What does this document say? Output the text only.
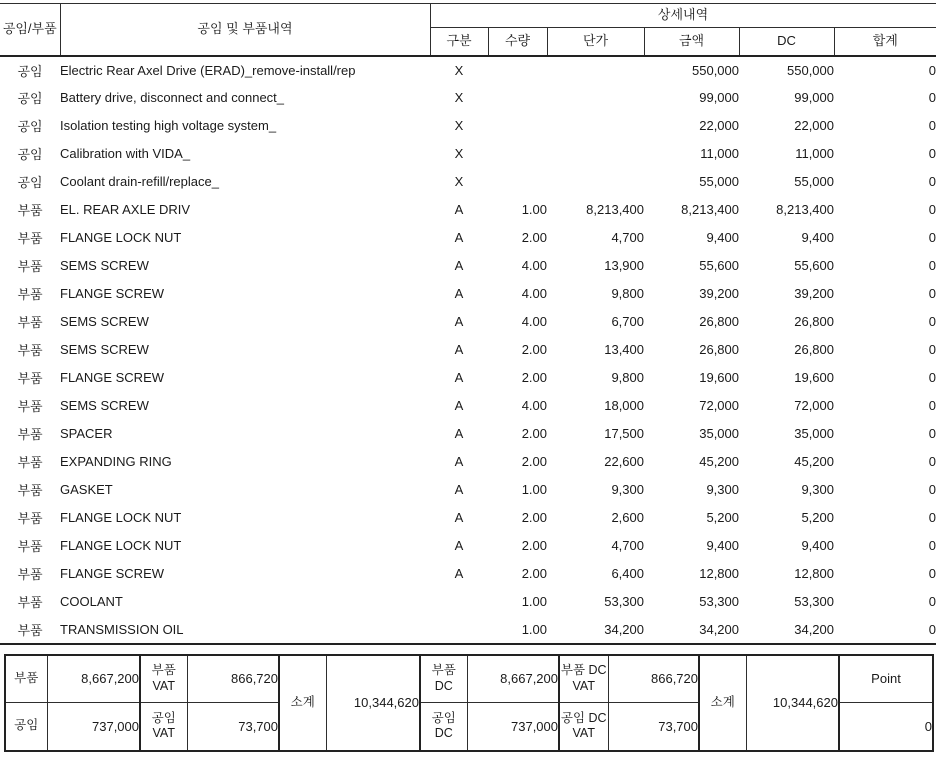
공임/부품	공임 및 부품내역	상세내역					
		구분	수량	단가	금액	DC	합계
공임	Electric Rear Axel Drive (ERAD)_remove-install/rep	X			550,000	550,000	0
공임	Battery drive, disconnect and connect_	X			99,000	99,000	0
공임	Isolation testing high voltage system_	X			22,000	22,000	0
공임	Calibration with VIDA_	X			11,000	11,000	0
공임	Coolant drain-refill/replace_	X			55,000	55,000	0
부품	EL. REAR AXLE DRIV	A	1.00	8,213,400	8,213,400	8,213,400	0
부품	FLANGE LOCK NUT	A	2.00	4,700	9,400	9,400	0
부품	SEMS SCREW	A	4.00	13,900	55,600	55,600	0
부품	FLANGE SCREW	A	4.00	9,800	39,200	39,200	0
부품	SEMS SCREW	A	4.00	6,700	26,800	26,800	0
부품	SEMS SCREW	A	2.00	13,400	26,800	26,800	0
부품	FLANGE SCREW	A	2.00	9,800	19,600	19,600	0
부품	SEMS SCREW	A	4.00	18,000	72,000	72,000	0
부품	SPACER	A	2.00	17,500	35,000	35,000	0
부품	EXPANDING RING	A	2.00	22,600	45,200	45,200	0
부품	GASKET	A	1.00	9,300	9,300	9,300	0
부품	FLANGE LOCK NUT	A	2.00	2,600	5,200	5,200	0
부품	FLANGE LOCK NUT	A	2.00	4,700	9,400	9,400	0
부품	FLANGE SCREW	A	2.00	6,400	12,800	12,800	0
부품	COOLANT		1.00	53,300	53,300	53,300	0
부품	TRANSMISSION OIL		1.00	34,200	34,200	34,200	0
부품	8,667,200	부품 VAT	866,720	소계	10,344,620	부품 DC	8,667,200	부품 DC VAT	866,720	소계	10,344,620	Point
공임	737,000	공임 VAT	73,700			공임 DC	737,000	공임 DC VAT	73,700			0
